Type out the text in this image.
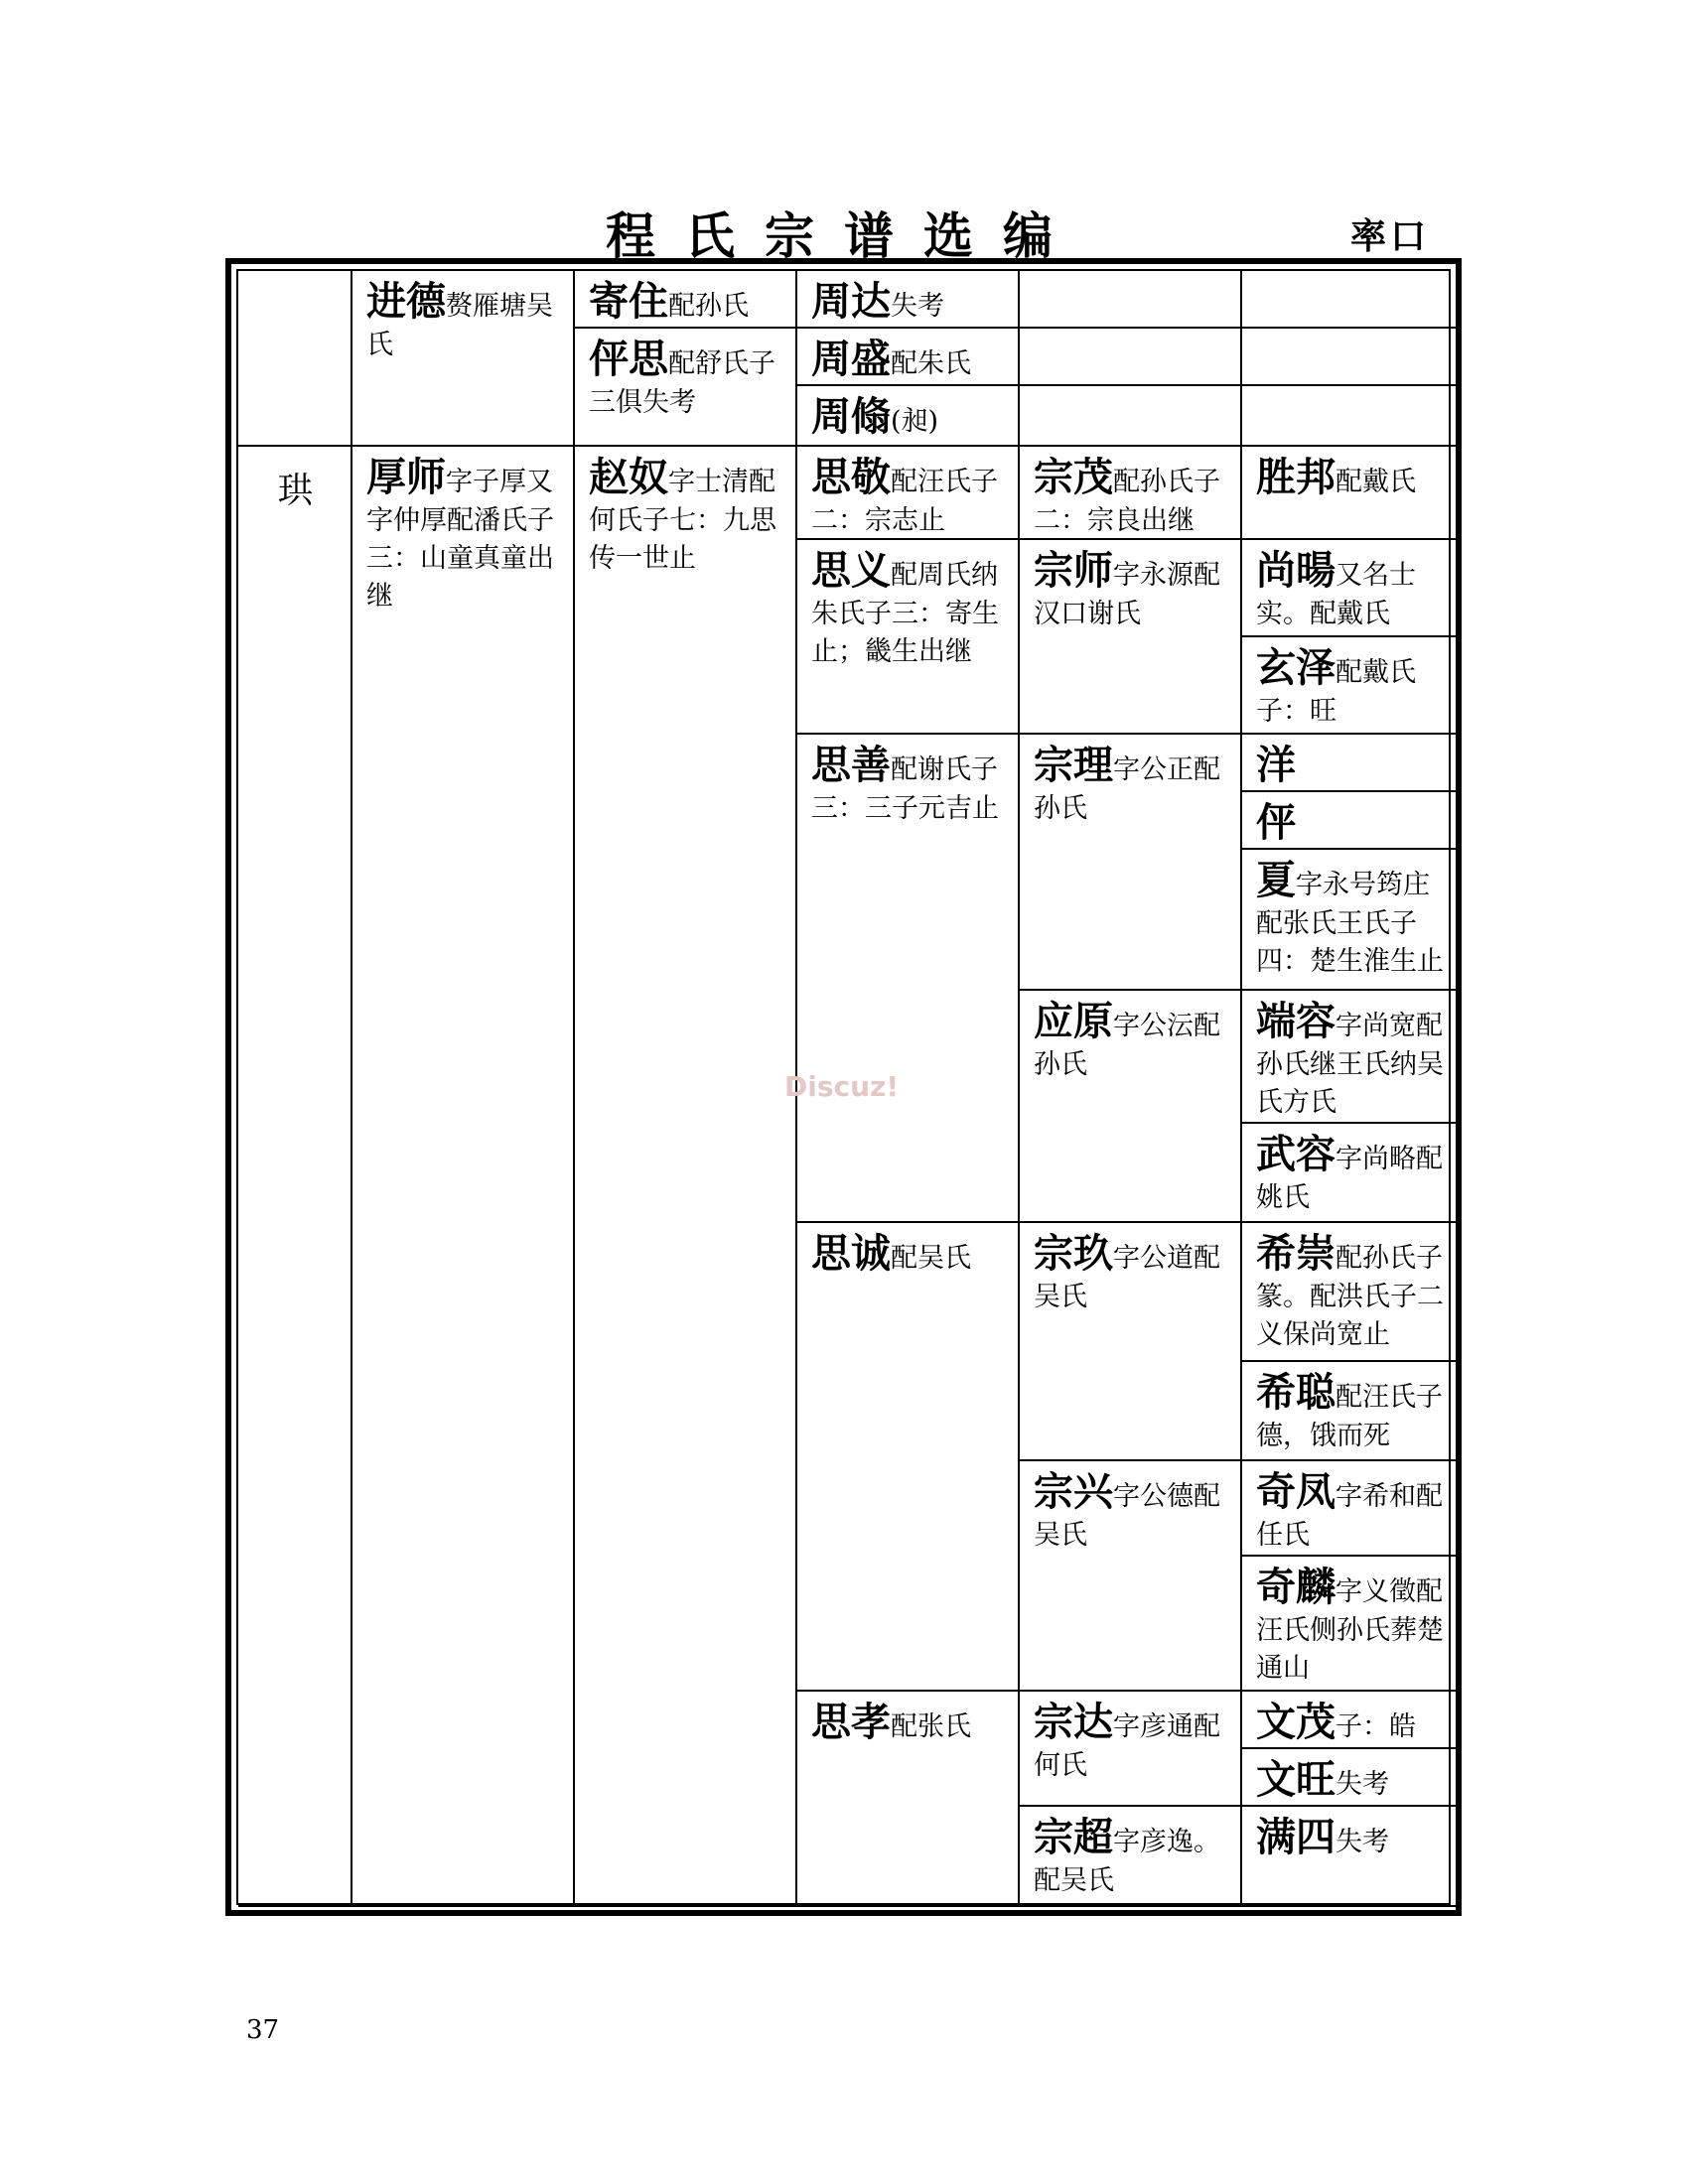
程氏宗谱选编	率口
进德赘雁塘吴氏
寄住配孙氏
伻思配舒氏子三俱失考
周达失考
周盛配朱氏
周翛(昶)
珙	厚师字子厚又字仲厚配潘氏子三：山童真童出继
赵奴字士清配何氏子七：九思传一世止
思敬配汪氏子二：宗志止
思义配周氏纳朱氏子三：寄生止；畿生出继
思善配谢氏子三：三子元吉止
思诚配吴氏
思孝配张氏
宗茂配孙氏子二：宗良出继
宗师字永源配汉口谢氏
宗理字公正配孙氏
应原字公沄配孙氏
宗玖字公道配吴氏
宗兴字公德配吴氏
宗达字彦通配何氏
宗超字彦逸。配吴氏
胜邦配戴氏
尚暘又名士实。配戴氏
玄泽配戴氏子：旺
洋
伻
夏字永号筠庄配张氏王氏子四：楚生淮生止
端容字尚宽配孙氏继王氏纳吴氏方氏
武容字尚略配姚氏
希崇配孙氏子篆。配洪氏子二义保尚宽止
希聪配汪氏子德，饿而死
奇凤字希和配任氏
奇麟字义徵配汪氏侧孙氏葬楚通山
文茂子：皓
文旺失考
满四失考
Discuz!
37
